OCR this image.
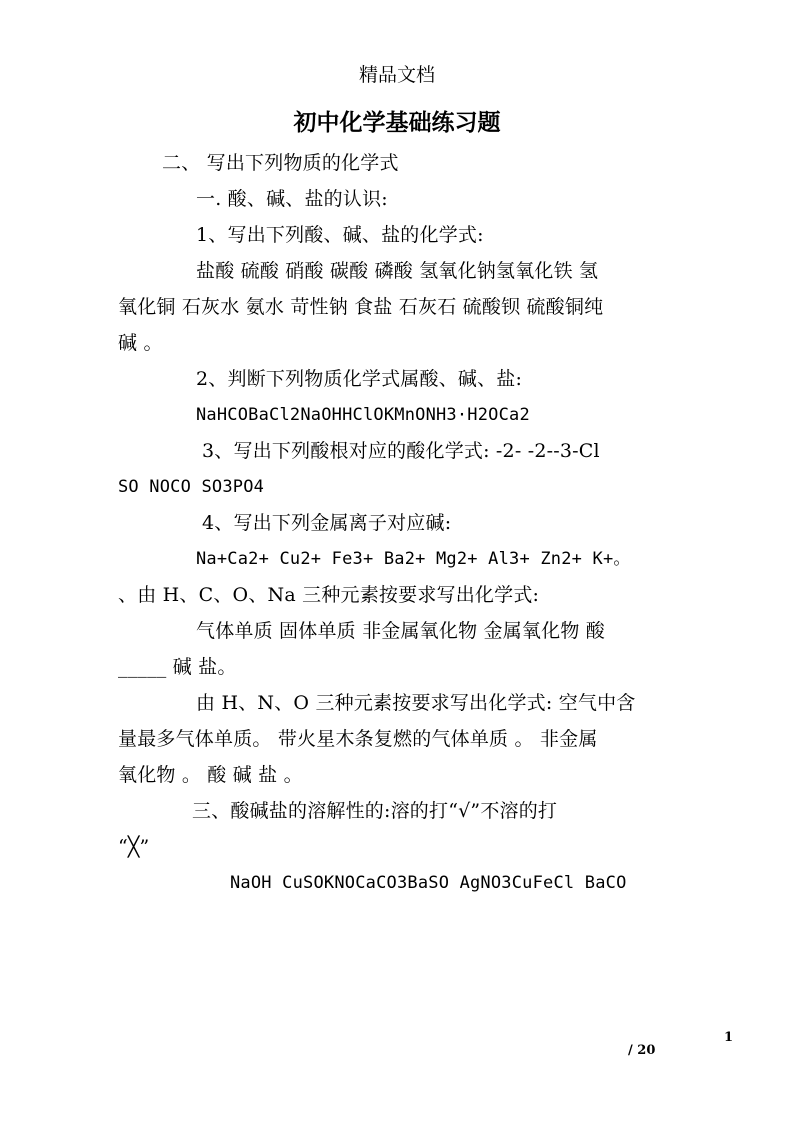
精品文档
初中化学基础练习题
二、 写出下列物质的化学式
一. 酸、碱、盐的认识:
1、写出下列酸、碱、盐的化学式:
盐酸 硫酸 硝酸 碳酸 磷酸 氢氧化钠氢氧化铁 氢
氧化铜 石灰水 氨水 苛性钠 食盐 石灰石 硫酸钡 硫酸铜纯
碱 。
2、判断下列物质化学式属酸、碱、盐:
NaHCOBaCl2NaOHHClOKMnONH3·H2OCa2
3、写出下列酸根对应的酸化学式: -2- -2--3-Cl
SO NOCO SO3PO4
4、写出下列金属离子对应碱:
Na+Ca2+ Cu2+ Fe3+ Ba2+ Mg2+ Al3+ Zn2+ K+。
、由 H、C、O、Na 三种元素按要求写出化学式:
气体单质 固体单质 非金属氧化物 金属氧化物 酸
_____ 碱 盐。
由 H、N、O 三种元素按要求写出化学式: 空气中含
量最多气体单质。 带火星木条复燃的气体单质 。 非金属
氧化物 。 酸 碱 盐 。
三、酸碱盐的溶解性的:溶的打“√”不溶的打
“╳”
NaOH CuSOKNOCaCO3BaSO AgNO3CuFeCl BaCO
1
/ 20
